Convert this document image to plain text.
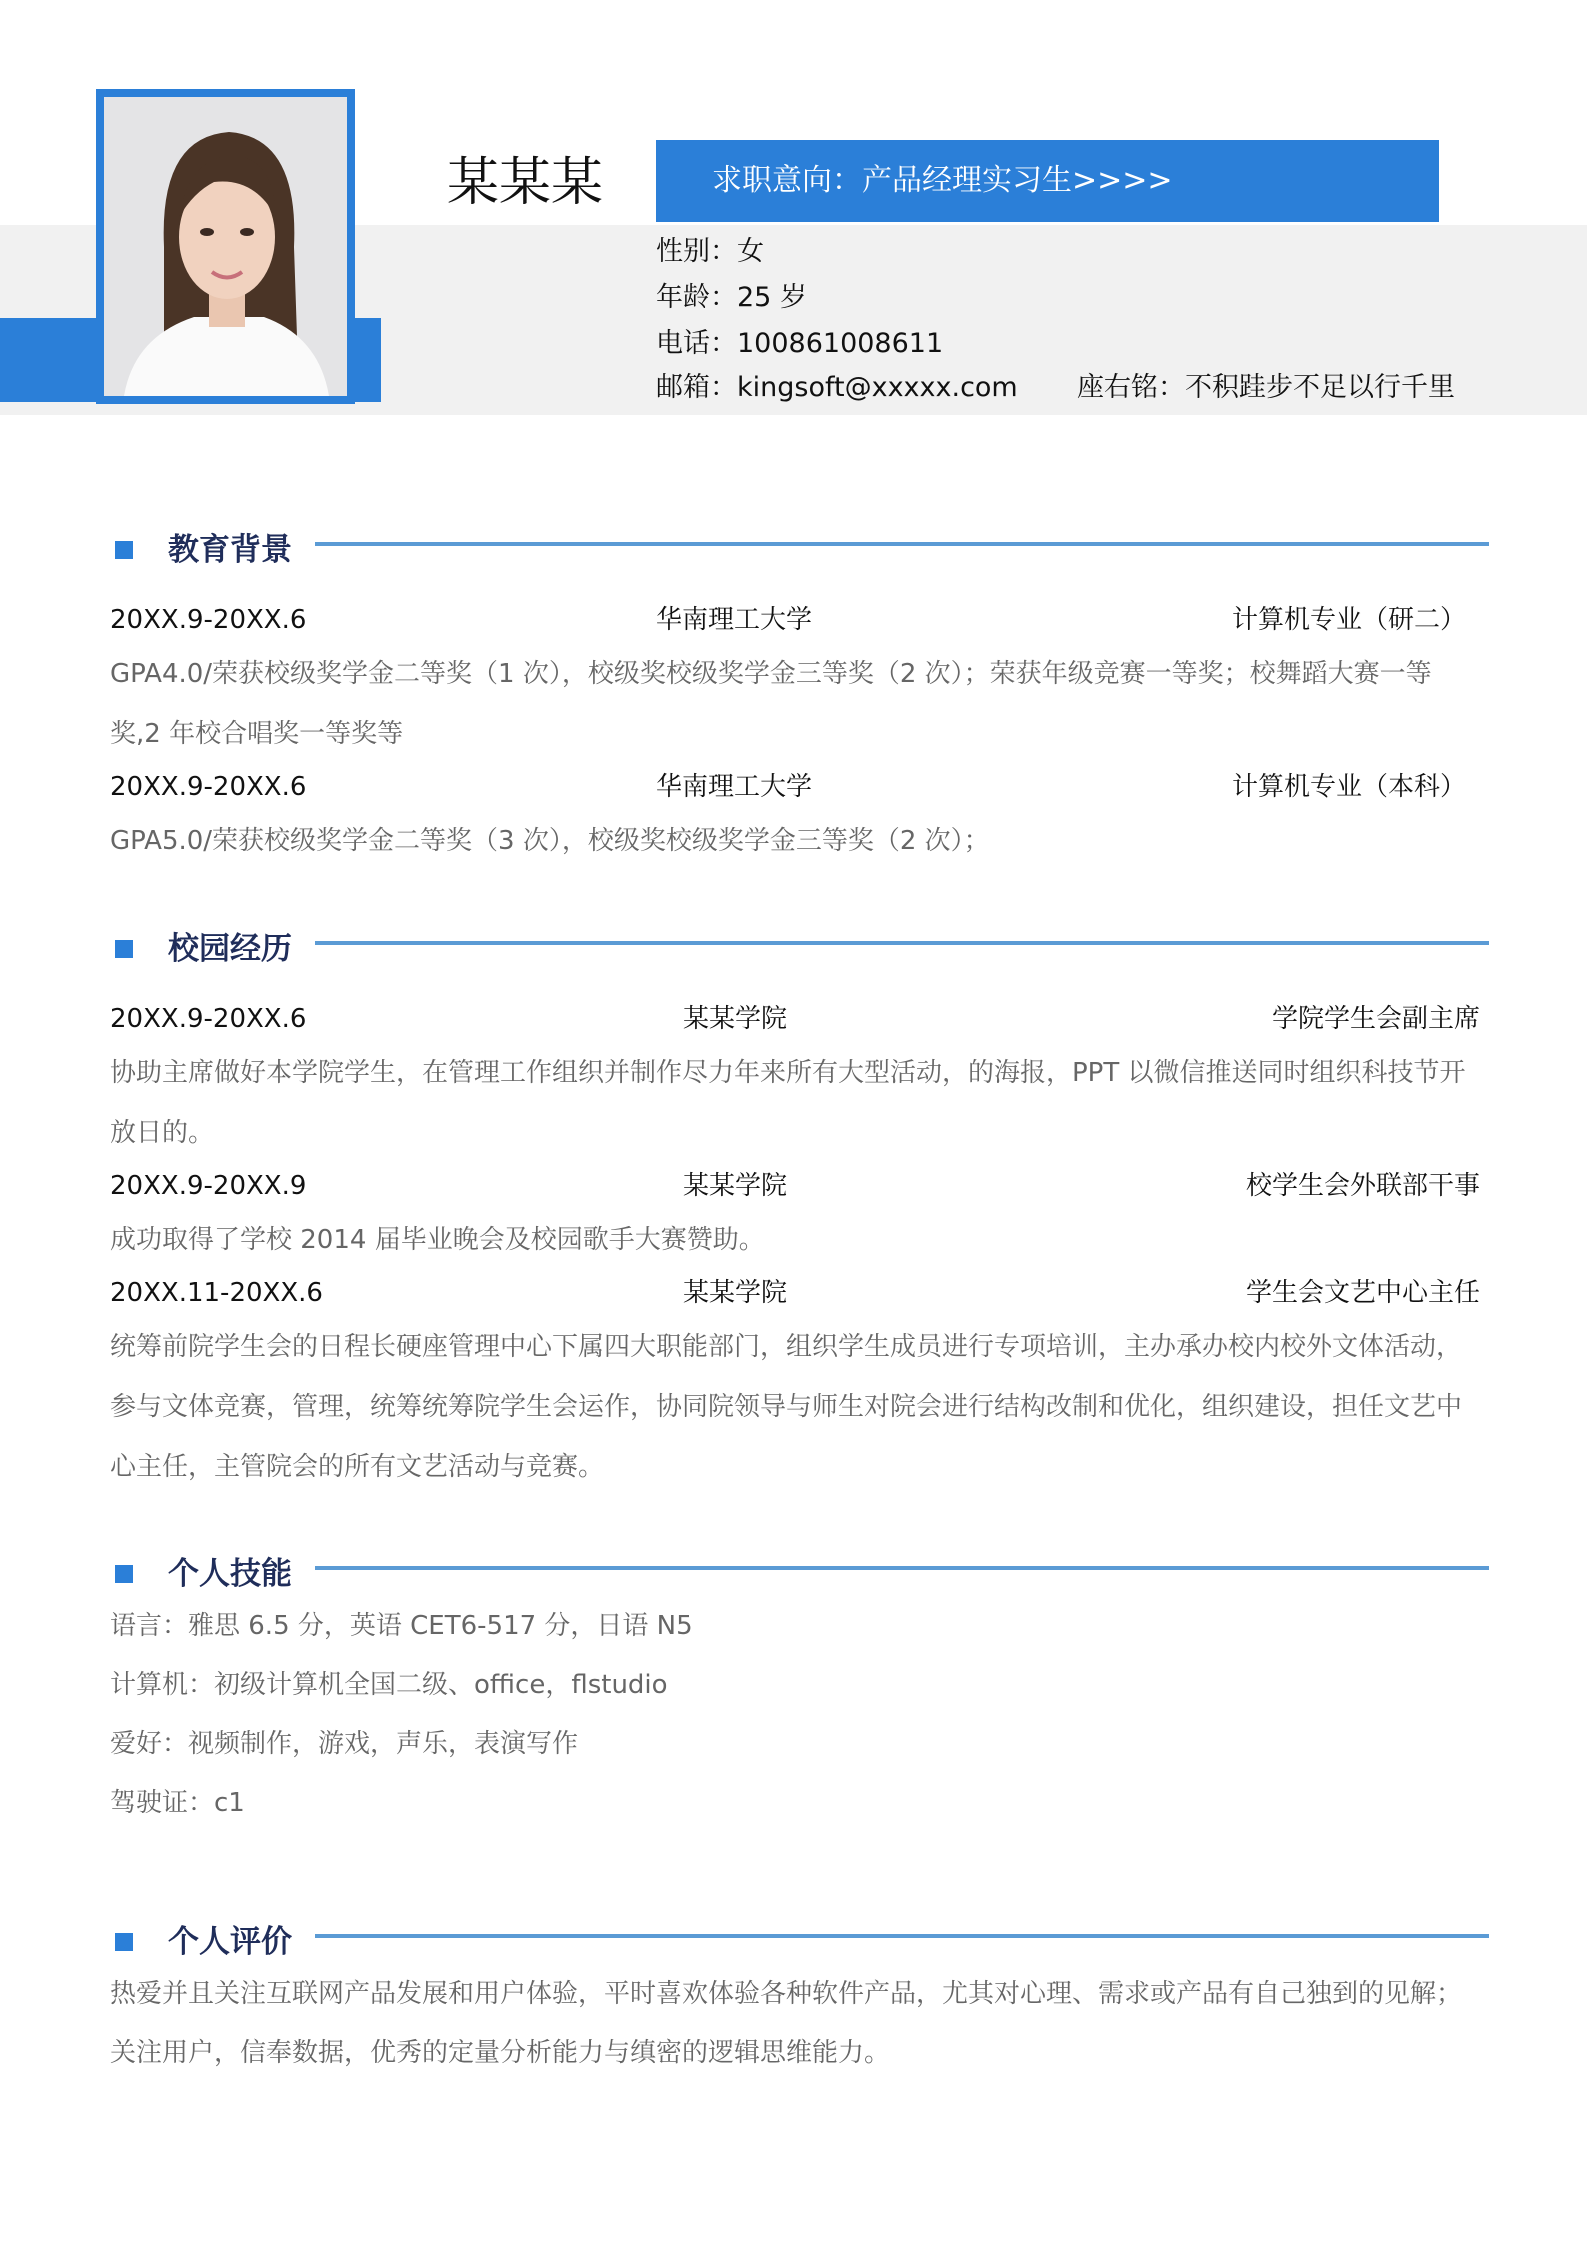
某某某	求职意向：产品经理实习生>>>>
性别：女
年龄：25 岁
电话：100861008611
邮箱：kingsoft@xxxxx.com 座右铭：不积跬步不足以行千里
教育背景
20XX.9-20XX.6	华南理工大学	计算机专业（研二）
GPA4.0/荣获校级奖学金二等奖（1 次），校级奖校级奖学金三等奖（2 次）；荣获年级竞赛一等奖；校舞蹈大赛一等奖,2 年校合唱奖一等奖等
20XX.9-20XX.6	华南理工大学	计算机专业（本科）
GPA5.0/荣获校级奖学金二等奖（3 次），校级奖校级奖学金三等奖（2 次）；
校园经历
20XX.9-20XX.6	某某学院	学院学生会副主席
协助主席做好本学院学生，在管理工作组织并制作尽力年来所有大型活动，的海报，PPT 以微信推送同时组织科技节开放日的。
20XX.9-20XX.9	某某学院	校学生会外联部干事
成功取得了学校 2014 届毕业晚会及校园歌手大赛赞助。
20XX.11-20XX.6	某某学院	学生会文艺中心主任
统筹前院学生会的日程长硬座管理中心下属四大职能部门，组织学生成员进行专项培训，主办承办校内校外文体活动，参与文体竞赛，管理，统筹统筹院学生会运作，协同院领导与师生对院会进行结构改制和优化，组织建设，担任文艺中心主任，主管院会的所有文艺活动与竞赛。
个人技能
语言：雅思 6.5 分，英语 CET6-517 分，日语 N5
计算机：初级计算机全国二级、office，flstudio
爱好：视频制作，游戏，声乐，表演写作
驾驶证：c1
个人评价
热爱并且关注互联网产品发展和用户体验，平时喜欢体验各种软件产品，尤其对心理、需求或产品有自己独到的见解；关注用户，信奉数据，优秀的定量分析能力与缜密的逻辑思维能力。
